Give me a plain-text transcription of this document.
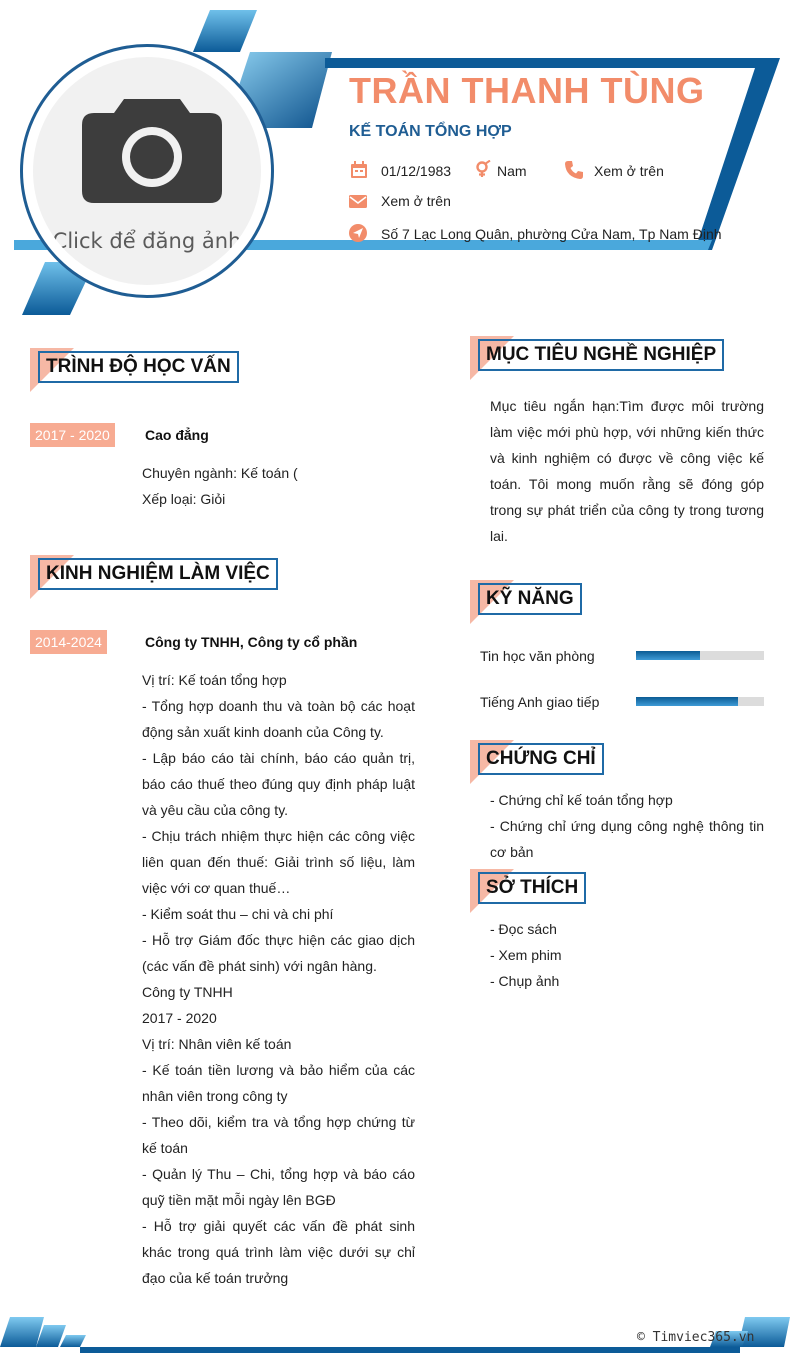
Click để đăng ảnh
TRẦN THANH TÙNG
KẾ TOÁN TỔNG HỢP
01/12/1983	Nam	Xem ở trên
Xem ở trên
Số 7 Lạc Long Quân, phường Cửa Nam, Tp Nam Định
TRÌNH ĐỘ HỌC VẤN
2017 - 2020	Cao đẳng
Chuyên ngành: Kế toán (
Xếp loại: Giỏi
KINH NGHIỆM LÀM VIỆC
2014-2024	Công ty TNHH, Công ty cổ phần
Vị trí: Kế toán tổng hợp
- Tổng hợp doanh thu và toàn bộ các hoạt động sản xuất kinh doanh của Công ty.
- Lập báo cáo tài chính, báo cáo quản trị, báo cáo thuế theo đúng quy định pháp luật và yêu cầu của công ty.
- Chịu trách nhiệm thực hiện các công việc liên quan đến thuế: Giải trình số liệu, làm việc với cơ quan thuế…
- Kiểm soát thu – chi và chi phí
- Hỗ trợ Giám đốc thực hiện các giao dịch (các vấn đề phát sinh) với ngân hàng.
Công ty TNHH
2017 - 2020
Vị trí: Nhân viên kế toán
- Kế toán tiền lương và bảo hiểm của các nhân viên trong công ty
- Theo dõi, kiểm tra và tổng hợp chứng từ kế toán
- Quản lý Thu – Chi, tổng hợp và báo cáo quỹ tiền mặt mỗi ngày lên BGĐ
- Hỗ trợ giải quyết các vấn đề phát sinh khác trong quá trình làm việc dưới sự chỉ đạo của kế toán trưởng
MỤC TIÊU NGHỀ NGHIỆP
Mục tiêu ngắn hạn:Tìm được môi trường làm việc mới phù hợp, với những kiến thức và kinh nghiệm có được về công việc kế toán. Tôi mong muốn rằng sẽ đóng góp trong sự phát triển của công ty trong tương lai.
KỸ NĂNG
Tin học văn phòng
Tiếng Anh giao tiếp
CHỨNG CHỈ
- Chứng chỉ kế toán tổng hợp
- Chứng chỉ ứng dụng công nghệ thông tin cơ bản
SỞ THÍCH
- Đọc sách
- Xem phim
- Chụp ảnh
© Timviec365.vn
